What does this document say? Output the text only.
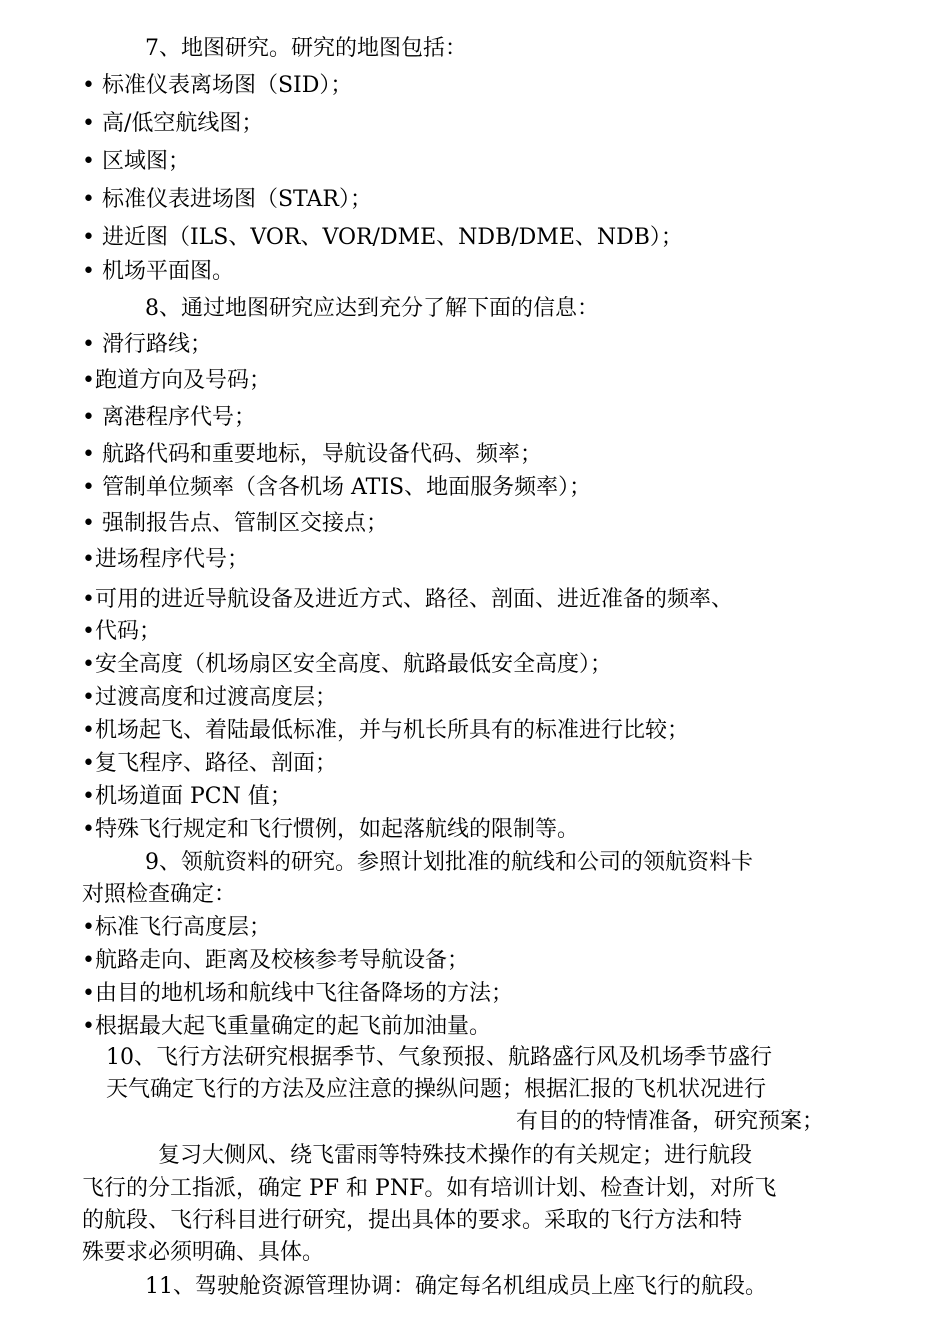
7、地图研究。研究的地图包括：
• 标准仪表离场图（SID）；
• 高/低空航线图；
• 区域图；
• 标准仪表进场图（STAR）；
• 进近图（ILS、VOR、VOR/DME、NDB/DME、NDB）；
• 机场平面图。
8、通过地图研究应达到充分了解下面的信息：
• 滑行路线；
•跑道方向及号码；
• 离港程序代号；
• 航路代码和重要地标，导航设备代码、频率；
• 管制单位频率（含各机场 ATIS、地面服务频率）；
• 强制报告点、管制区交接点；
•进场程序代号；
•可用的进近导航设备及进近方式、路径、剖面、进近准备的频率、
•代码；
•安全高度（机场扇区安全高度、航路最低安全高度）；
•过渡高度和过渡高度层；
•机场起飞、着陆最低标准，并与机长所具有的标准进行比较；
•复飞程序、路径、剖面；
•机场道面 PCN 值；
•特殊飞行规定和飞行惯例，如起落航线的限制等。
9、领航资料的研究。参照计划批准的航线和公司的领航资料卡
对照检查确定：
•标准飞行高度层；
•航路走向、距离及校核参考导航设备；
•由目的地机场和航线中飞往备降场的方法；
•根据最大起飞重量确定的起飞前加油量。
10、飞行方法研究根据季节、气象预报、航路盛行风及机场季节盛行
天气确定飞行的方法及应注意的操纵问题；根据汇报的飞机状况进行
有目的的特情准备，研究预案；
复习大侧风、绕飞雷雨等特殊技术操作的有关规定；进行航段
飞行的分工指派，确定 PF 和 PNF。如有培训计划、检查计划，对所飞
的航段、飞行科目进行研究，提出具体的要求。采取的飞行方法和特
殊要求必须明确、具体。
11、驾驶舱资源管理协调：确定每名机组成员上座飞行的航段。
